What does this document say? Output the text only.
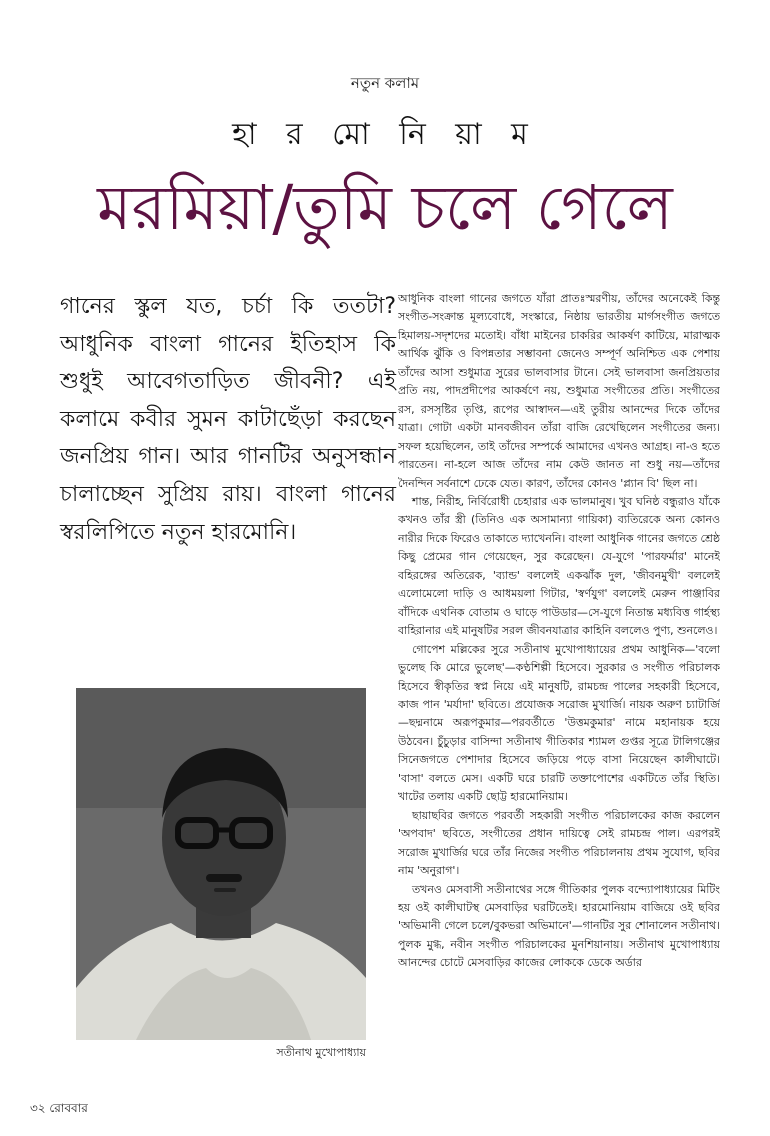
নতুন কলাম
হা র মো নি য়া ম
মরমিয়া/তুমি চলে গেলে
গানের স্কুল যত, চর্চা কি ততটা? আধুনিক বাংলা গানের ইতিহাস কি শুধুই আবেগতাড়িত জীবনী? এই কলামে কবীর সুমন কাটাছেঁড়া করছেন জনপ্রিয় গান। আর গানটির অনুসন্ধান চালাচ্ছেন সুপ্রিয় রায়। বাংলা গানের স্বরলিপিতে নতুন হারমোনি।
সতীনাথ মুখোপাধ্যায়

আধুনিক বাংলা গানের জগতে যাঁরা প্রাতঃস্মরণীয়, তাঁদের অনেকেই কিন্তু সংগীত-সংক্রান্ত মূল্যবোধে, সংস্কারে, নিষ্ঠায় ভারতীয় মার্গসংগীত জগতে হিমালয়-সদৃশদের মতোই। বাঁধা মাইনের চাকরির আকর্ষণ কাটিয়ে, মারাত্মক আর্থিক ঝুঁকি ও বিপন্নতার সম্ভাবনা জেনেও সম্পূর্ণ অনিশ্চিত এক পেশায় তাঁদের আসা শুধুমাত্র সুরের ভালবাসার টানে। সেই ভালবাসা জনপ্রিয়তার প্রতি নয়, পাদপ্রদীপের আকর্ষণে নয়, শুধুমাত্র সংগীতের প্রতি। সংগীতের রস, রসসৃষ্টির তৃপ্তি, রূপের আস্বাদন—এই তুরীয় আনন্দের দিকে তাঁদের যাত্রা। গোটা একটা মানবজীবন তাঁরা বাজি রেখেছিলেন সংগীতের জন্য। সফল হয়েছিলেন, তাই তাঁদের সম্পর্কে আমাদের এখনও আগ্রহ। না-ও হতে পারতেন। না-হলে আজ তাঁদের নাম কেউ জানত না শুধু নয়—তাঁদের দৈনন্দিন সর্বনাশে ঢেকে যেত। কারণ, তাঁদের কোনও 'প্ল্যান বি' ছিল না।

শান্ত, নিরীহ, নির্বিরোধী চেহারার এক ভালমানুষ। খুব ঘনিষ্ঠ বন্ধুরাও যাঁকে কখনও তাঁর স্ত্রী (তিনিও এক অসামান্যা গায়িকা) ব্যতিরেকে অন্য কোনও নারীর দিকে ফিরেও তাকাতে দ্যাখেননি। বাংলা আধুনিক গানের জগতে শ্রেষ্ঠ কিছু প্রেমের গান গেয়েছেন, সুর করেছেন। যে-যুগে 'পারফর্মার' মানেই বহিরঙ্গের অতিরেক, 'ব্যান্ড' বললেই একঝাঁক দুল, 'জীবনমুখী' বললেই এলোমেলো দাড়ি ও আধময়লা গিটার, 'স্বর্ণযুগ' বললেই মেরুন পাঞ্জাবির বাঁদিকে এথনিক বোতাম ও ঘাড়ে পাউডার—সে-যুগে নিতান্ত মধ্যবিত্ত গার্হস্থ্য বাহিরানার এই মানুষটির সরল জীবনযাত্রার কাহিনি বললেও পুণ্য, শুনলেও।

গোপেশ মল্লিকের সুরে সতীনাথ মুখোপাধ্যায়ের প্রথম আধুনিক—'বলো ভুলেছ কি মোরে ভুলেছ'—কণ্ঠশিল্পী হিসেবে। সুরকার ও সংগীত পরিচালক হিসেবে স্বীকৃতির স্বপ্ন নিয়ে এই মানুষটি, রামচন্দ্র পালের সহকারী হিসেবে, কাজ পান 'মর্যাদা' ছবিতে। প্রযোজক সরোজ মুখার্জি। নায়ক অরুণ চ্যাটার্জি—ছদ্মনামে অরূপকুমার—পরবর্তীতে 'উত্তমকুমার' নামে মহানায়ক হয়ে উঠবেন। চুঁচুড়ার বাসিন্দা সতীনাথ গীতিকার শ্যামল গুপ্তর সূত্রে টালিগঞ্জের সিনেজগতে পেশাদার হিসেবে জড়িয়ে পড়ে বাসা নিয়েছেন কালীঘাটে। 'বাসা' বলতে মেস। একটি ঘরে চারটি তক্তাপোশের একটিতে তাঁর স্থিতি। খাটের তলায় একটি ছোট্ট হারমোনিয়াম।

ছায়াছবির জগতে পরবর্তী সহকারী সংগীত পরিচালকের কাজ করলেন 'অপবাদ' ছবিতে, সংগীতের প্রধান দায়িত্বে সেই রামচন্দ্র পাল। এরপরই সরোজ মুখার্জির ঘরে তাঁর নিজের সংগীত পরিচালনায় প্রথম সুযোগ, ছবির নাম 'অনুরাগ'।

তখনও মেসবাসী সতীনাথের সঙ্গে গীতিকার পুলক বন্দ্যোপাধ্যায়ের মিটিং হয় ওই কালীঘাটস্থ মেসবাড়ির ঘরটিতেই। হারমোনিয়াম বাজিয়ে ওই ছবির 'অভিমানী গেলে চলে/বুকভরা অভিমানে'—গানটির সুর শোনালেন সতীনাথ। পুলক মুগ্ধ, নবীন সংগীত পরিচালকের মুনশিয়ানায়। সতীনাথ মুখোপাধ্যায় আনন্দের চোটে মেসবাড়ির কাজের লোককে ডেকে অর্ডার

৩২ রোববার
